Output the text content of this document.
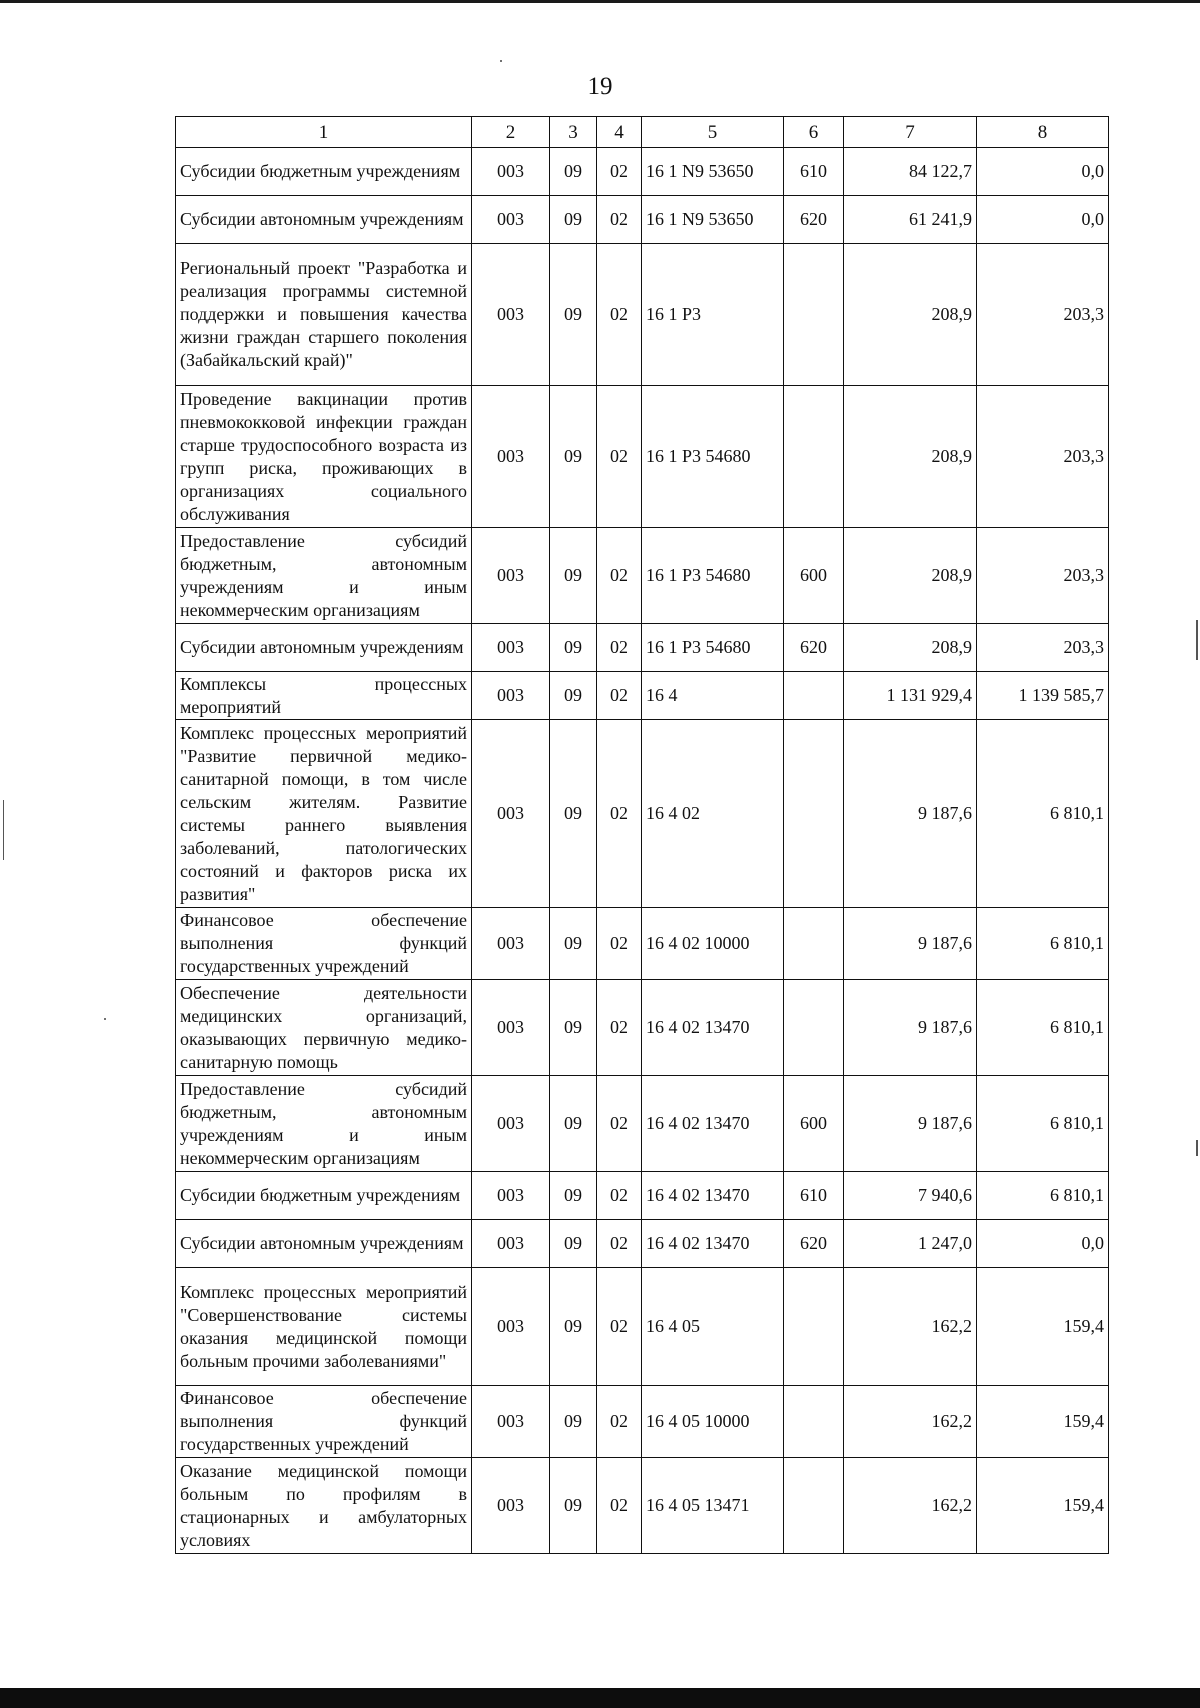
19
1	2	3	4	5	6	7	8
Субсидии бюджетным учреждениям	003	09	02	16 1 N9 53650	610	84 122,7	0,0
Субсидии автономным учреждениям	003	09	02	16 1 N9 53650	620	61 241,9	0,0
Региональный проект "Разработка и реализация программы системной поддержки и повышения качества жизни граждан старшего поколения (Забайкальский край)"	003	09	02	16 1 P3		208,9	203,3
Проведение вакцинации против пневмококковой инфекции граждан старше трудоспособного возраста из групп риска, проживающих в организациях социального обслуживания	003	09	02	16 1 P3 54680		208,9	203,3
Предоставление субсидий бюджетным, автономным учреждениям и иным некоммерческим организациям	003	09	02	16 1 P3 54680	600	208,9	203,3
Субсидии автономным учреждениям	003	09	02	16 1 P3 54680	620	208,9	203,3
Комплексы процессных мероприятий	003	09	02	16 4		1 131 929,4	1 139 585,7
Комплекс процессных мероприятий "Развитие первичной медико-санитарной помощи, в том числе сельским жителям. Развитие системы раннего выявления заболеваний, патологических состояний и факторов риска их развития"	003	09	02	16 4 02		9 187,6	6 810,1
Финансовое обеспечение выполнения функций государственных учреждений	003	09	02	16 4 02 10000		9 187,6	6 810,1
Обеспечение деятельности медицинских организаций, оказывающих первичную медико-санитарную помощь	003	09	02	16 4 02 13470		9 187,6	6 810,1
Предоставление субсидий бюджетным, автономным учреждениям и иным некоммерческим организациям	003	09	02	16 4 02 13470	600	9 187,6	6 810,1
Субсидии бюджетным учреждениям	003	09	02	16 4 02 13470	610	7 940,6	6 810,1
Субсидии автономным учреждениям	003	09	02	16 4 02 13470	620	1 247,0	0,0
Комплекс процессных мероприятий "Совершенствование системы оказания медицинской помощи больным прочими заболеваниями"	003	09	02	16 4 05		162,2	159,4
Финансовое обеспечение выполнения функций государственных учреждений	003	09	02	16 4 05 10000		162,2	159,4
Оказание медицинской помощи больным по профилям в стационарных и амбулаторных условиях	003	09	02	16 4 05 13471		162,2	159,4
